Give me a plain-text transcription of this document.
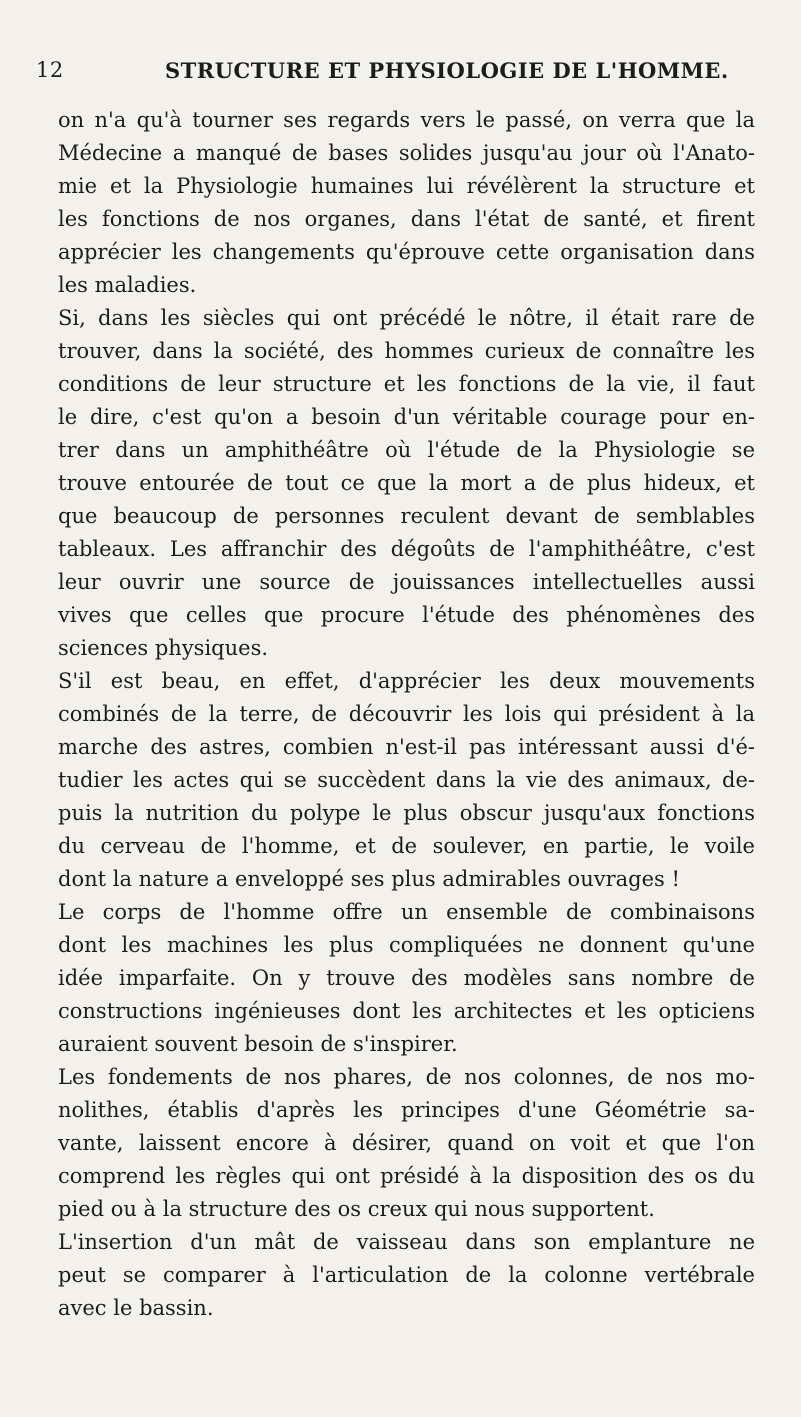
12	STRUCTURE ET PHYSIOLOGIE DE L'HOMME.
on n'a qu'à tourner ses regards vers le passé, on verra que la
Médecine a manqué de bases solides jusqu'au jour où l'Anato-
mie et la Physiologie humaines lui révélèrent la structure et
les fonctions de nos organes, dans l'état de santé, et firent
apprécier les changements qu'éprouve cette organisation dans
les maladies.
Si, dans les siècles qui ont précédé le nôtre, il était rare de
trouver, dans la société, des hommes curieux de connaître les
conditions de leur structure et les fonctions de la vie, il faut
le dire, c'est qu'on a besoin d'un véritable courage pour en-
trer dans un amphithéâtre où l'étude de la Physiologie se
trouve entourée de tout ce que la mort a de plus hideux, et
que beaucoup de personnes reculent devant de semblables
tableaux. Les affranchir des dégoûts de l'amphithéâtre, c'est
leur ouvrir une source de jouissances intellectuelles aussi
vives que celles que procure l'étude des phénomènes des
sciences physiques.
S'il est beau, en effet, d'apprécier les deux mouvements
combinés de la terre, de découvrir les lois qui président à la
marche des astres, combien n'est-il pas intéressant aussi d'é-
tudier les actes qui se succèdent dans la vie des animaux, de-
puis la nutrition du polype le plus obscur jusqu'aux fonctions
du cerveau de l'homme, et de soulever, en partie, le voile
dont la nature a enveloppé ses plus admirables ouvrages !
Le corps de l'homme offre un ensemble de combinaisons
dont les machines les plus compliquées ne donnent qu'une
idée imparfaite. On y trouve des modèles sans nombre de
constructions ingénieuses dont les architectes et les opticiens
auraient souvent besoin de s'inspirer.
Les fondements de nos phares, de nos colonnes, de nos mo-
nolithes, établis d'après les principes d'une Géométrie sa-
vante, laissent encore à désirer, quand on voit et que l'on
comprend les règles qui ont présidé à la disposition des os du
pied ou à la structure des os creux qui nous supportent.
L'insertion d'un mât de vaisseau dans son emplanture ne
peut se comparer à l'articulation de la colonne vertébrale
avec le bassin.
